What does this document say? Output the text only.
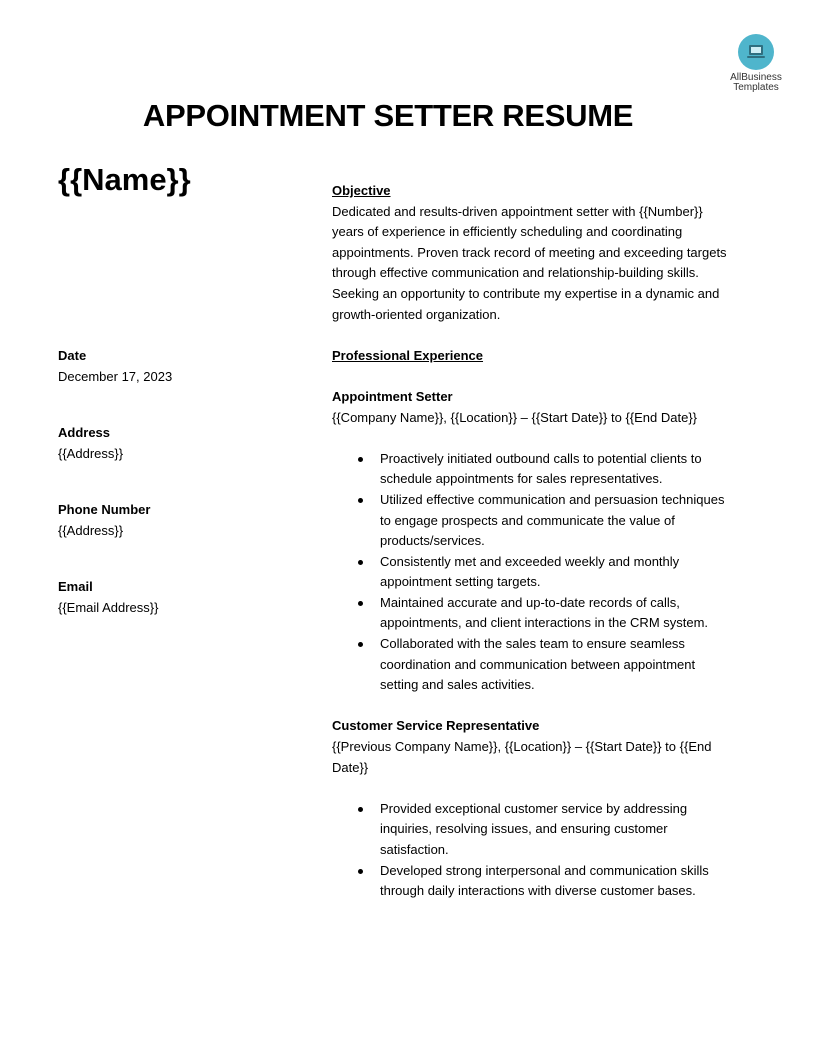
AllBusiness
Templates
APPOINTMENT SETTER RESUME
{{Name}}
Date
December 17, 2023
Address
{{Address}}
Phone Number
{{Address}}
Email
{{Email Address}}

Objective

Dedicated and results-driven appointment setter with {{Number}} years of experience in efficiently scheduling and coordinating appointments. Proven track record of meeting and exceeding targets through effective communication and relationship-building skills. Seeking an opportunity to contribute my expertise in a dynamic and growth-oriented organization.

Professional Experience

Appointment Setter

{{Company Name}}, {{Location}} – {{Start Date}} to {{End Date}}

Proactively initiated outbound calls to potential clients to schedule appointments for sales representatives.
Utilized effective communication and persuasion techniques to engage prospects and communicate the value of products/services.
Consistently met and exceeded weekly and monthly appointment setting targets.
Maintained accurate and up-to-date records of calls, appointments, and client interactions in the CRM system.
Collaborated with the sales team to ensure seamless coordination and communication between appointment setting and sales activities.

Customer Service Representative

{{Previous Company Name}}, {{Location}} – {{Start Date}} to {{End Date}}

Provided exceptional customer service by addressing inquiries, resolving issues, and ensuring customer satisfaction.
Developed strong interpersonal and communication skills through daily interactions with diverse customer bases.
